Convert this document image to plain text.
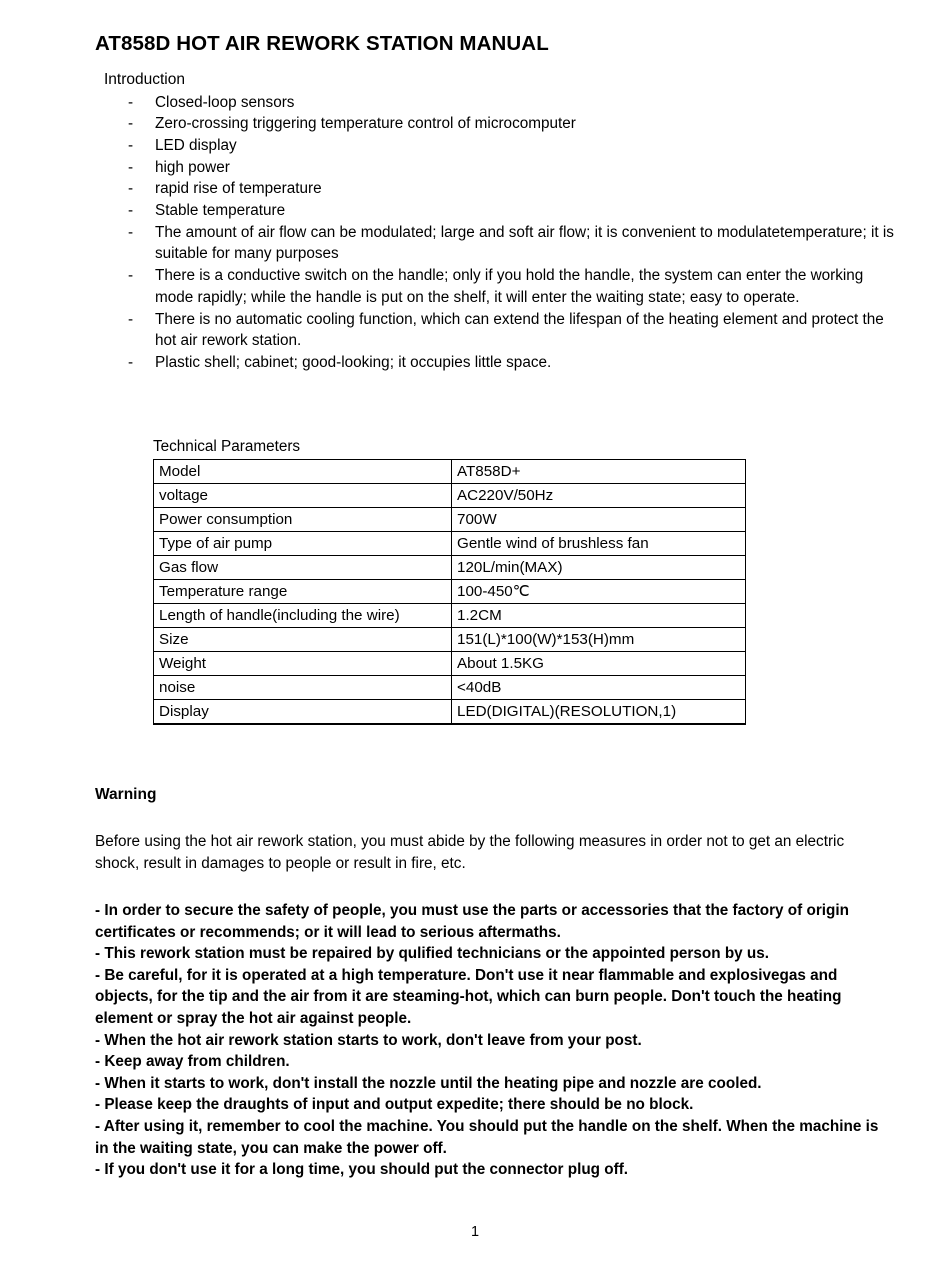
AT858D HOT AIR REWORK STATION MANUAL
Introduction
- Closed-loop sensors
- Zero-crossing triggering temperature control of microcomputer
- LED display
- high power
- rapid rise of temperature
- Stable temperature
- The amount of air flow can be modulated; large and soft air flow; it is convenient to modulatetemperature; it is suitable for many purposes
- There is a conductive switch on the handle; only if you hold the handle, the system can enter the working mode rapidly; while the handle is put on the shelf, it will enter the waiting state; easy to operate.
- There is no automatic cooling function, which can extend the lifespan of the heating element and protect the hot air rework station.
- Plastic shell; cabinet; good-looking; it occupies little space.
Technical Parameters
Model	AT858D+
voltage	AC220V/50Hz
Power consumption	700W
Type of air pump	Gentle wind of brushless fan
Gas flow	120L/min(MAX)
Temperature range	100-450℃
Length of handle(including the wire)	1.2CM
Size	151(L)*100(W)*153(H)mm
Weight	About 1.5KG
noise	<40dB
Display	LED(DIGITAL)(RESOLUTION,1)
Warning
Before using the hot air rework station, you must abide by the following measures in order not to get an electric shock, result in damages to people or result in fire, etc.
- In order to secure the safety of people, you must use the parts or accessories that the factory of origin certificates or recommends; or it will lead to serious aftermaths.
- This rework station must be repaired by qulified technicians or the appointed person by us.
- Be careful, for it is operated at a high temperature. Don't use it near flammable and explosivegas and objects, for the tip and the air from it are steaming-hot, which can burn people. Don't touch the heating element or spray the hot air against people.
- When the hot air rework station starts to work, don't leave from your post.
- Keep away from children.
- When it starts to work, don't install the nozzle until the heating pipe and nozzle are cooled.
- Please keep the draughts of input and output expedite; there should be no block.
- After using it, remember to cool the machine. You should put the handle on the shelf. When the machine is in the waiting state, you can make the power off.
- If you don't use it for a long time, you should put the connector plug off.
1
